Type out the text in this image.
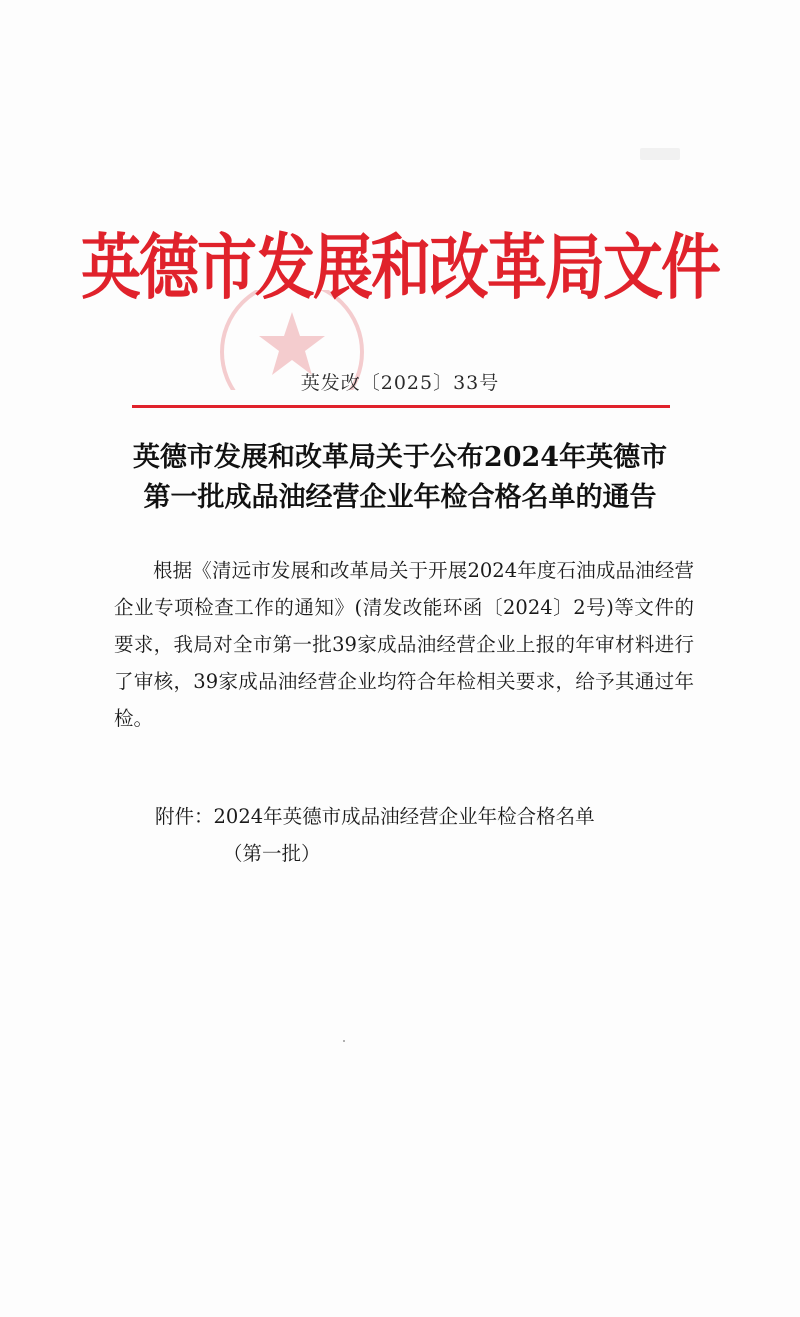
英德市发展和改革局文件
英发改〔2025〕33号
英德市发展和改革局关于公布2024年英德市
第一批成品油经营企业年检合格名单的通告

根据《清远市发展和改革局关于开展2024年度石油成品油经营企业专项检查工作的通知》(清发改能环函〔2024〕2号)等文件的要求，我局对全市第一批39家成品油经营企业上报的年审材料进行了审核，39家成品油经营企业均符合年检相关要求，给予其通过年检。

附件：2024年英德市成品油经营企业年检合格名单
（第一批）
